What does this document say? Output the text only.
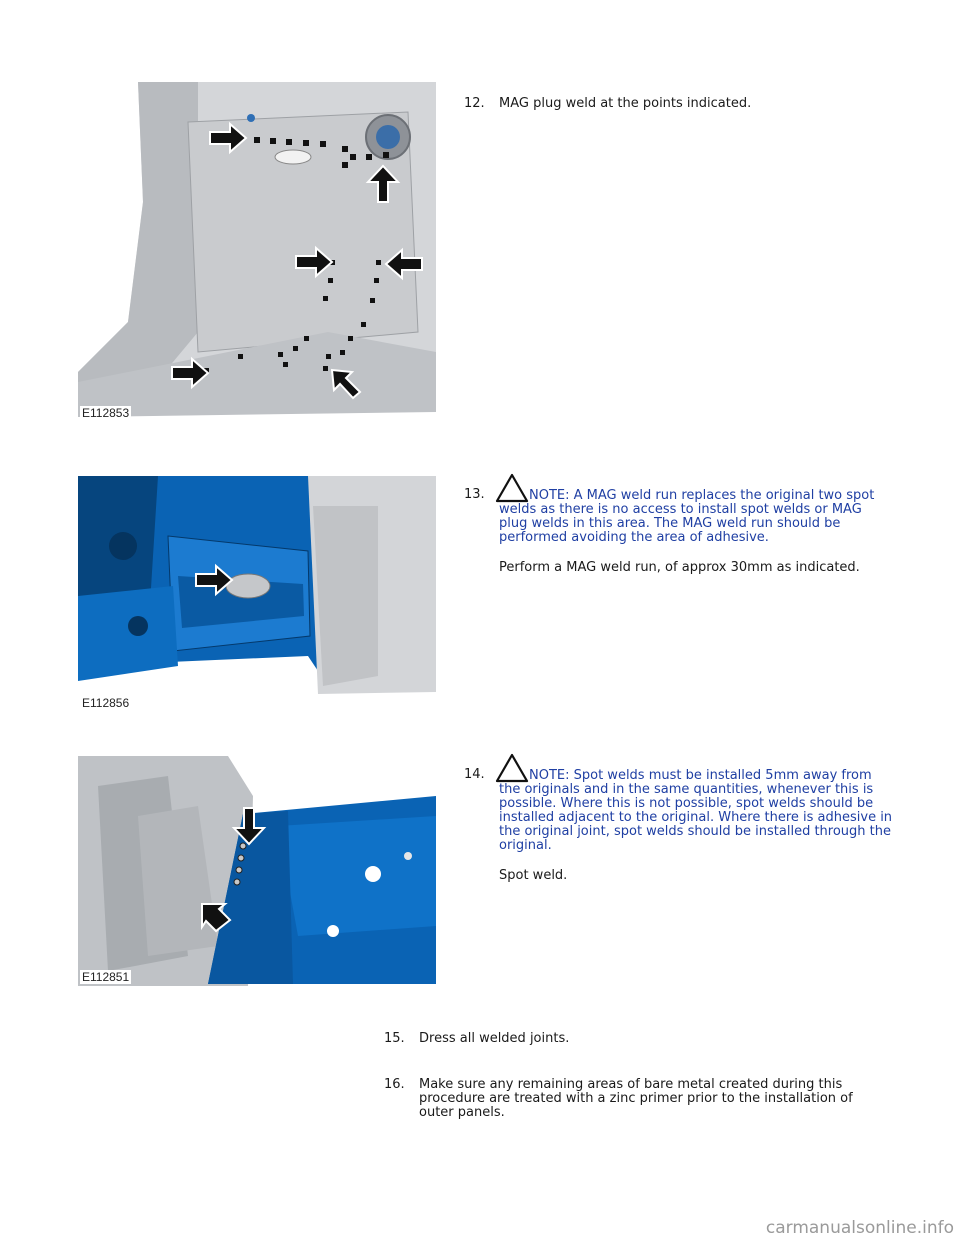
E112853
12. MAG plug weld at the points indicated.
E112856
13.	NOTE: A MAG weld run replaces the original two spot welds as there is no access to install spot welds or MAG plug welds in this area. The MAG weld run should be performed avoiding the area of adhesive.
Perform a MAG weld run, of approx 30mm as indicated.
E112851
14.	NOTE: Spot welds must be installed 5mm away from the originals and in the same quantities, whenever this is possible. Where this is not possible, spot welds should be installed adjacent to the original. Where there is adhesive in the original joint, spot welds should be installed through the original.
Spot weld.
15. Dress all welded joints.
16. Make sure any remaining areas of bare metal created during this procedure are treated with a zinc primer prior to the installation of outer panels.
carmanualsonline.info
